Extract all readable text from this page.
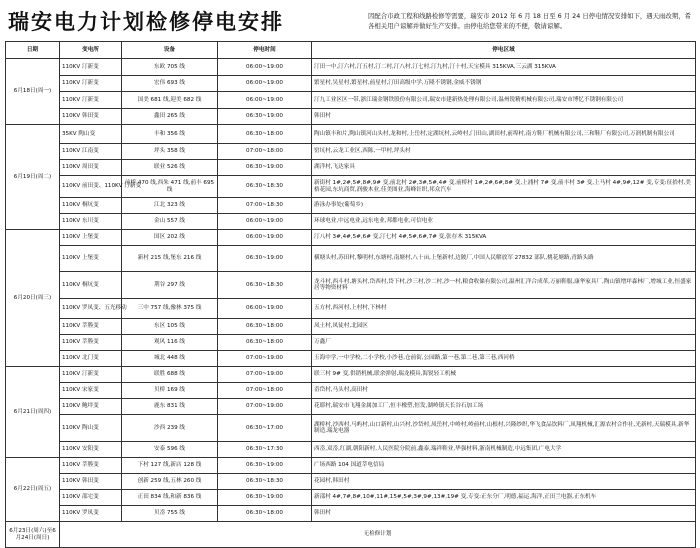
瑞安电力计划检修停电安排	因配合市政工程和线路检修等需要，瑞安市 2012 年 6 月 18 日至 6 月 24 日停电情况安排如下，遇天雨改期，希各相关用户谅解并做好生产安排。由停电给您带来的不便，敬请谅解。
日期	变电所	设备	停电时间	停电区域
6月18日(周一)	110KV 汀新变	东欧 705 线	06:00~19:00	汀田一中,汀六村,汀五村,汀二村,汀八村,汀七村,汀九村,汀十村,天宝模具 315KVA,三云湖 315KVA
	110KV 汀新变	宏伟 693 线	06:00~19:00	繁星村,吴星村,繁星村,前星村,汀田高级中学,万隆不锈钢,金威不锈钢
	110KV 汀新变	国美 681 线,迎美 682 线	06:00~19:00	汀九工业区区一带,浙江瑞金钢铁股份有限公司,瑞安市建新热处理有限公司,温州锐精机械有限公司,瑞安市博忆不锈钢有限公司
	110KV 韩田变	鑫田 265 线	06:30~19:00	韩田村
6月19日(周二)	35KV 陶山变	丰和 356 线	06:30~18:00	陶山镇丰和片,陶山镇河山头村,龙和村,上岳村,定湖坑村,云岭村,门田山,湖田村,前埠村,南方鞋厂机械有限公司,三和鞋厂有限公司,万润机制有限公司
	110KV 江南变	坪头 358 线	07:00~18:00	窑坑村,云龙工业区,西陈,一甲村,坪头村
	110KV 周田变	联业 526 线	06:30~19:00	湖洋村,飞达家具
	110KV 前田变、110KV 汀新变	前桥 470 线,西朱 471 线,前丰 695 线	06:30~18:30	新街村 1#,2#,5#,8#,9# 变,前北村 2#,3#,5#,4# 变,前桥村 1#,2#,6#,8# 变,上浦村 7# 变,前丰村 3# 变,上马村 4#,9#,12# 变,专变:征拾村,美格花园,东坑商贸,润骏木业,佳美图业,海峰针织,邦众汽车
	110KV 桐坑变	江北 323 线	07:00~18:30	游泳办事处(葡萄乡)
	110KV 东川变	金山 557 线	06:00~19:00	环球电业,中远电业,远东电业,邦都电业,可信电业
6月20日(周三)	110KV 上堡变	国区 202 线	06:00~19:00	汀八村 3#,4#,5#,6# 变,汀七村 4#,5#,6#,7# 变,张存木 315KVA
	110KV 上堡变	新村 215 线,堡东 216 线	06:30~19:00	横塘头村,苏田村,黎明村,东塘村,南塘村,八十亩,上堡新村,边陂厂,中国人民解放军 27832 部队,桃花塘路,青路头路
	110KV 桐坑变	荆谷 297 线	06:30~18:30	龙斗村,西斗村,塘头村,岱西村,岱下村,沙三村,沙二村,沙一村,粮食收储有限公司,温州汇洋合成革,万丽鞋服,康华家具厂,陶山镇增垟森林厂,增城工业,恒盛家居等物资材料
	110KV 罗凤变、五光移动	三中 757 线,豫林 375 线	06:00~19:00	五方村,西河村,上村村,下林村
	110KV 莘塍变	东区 105 线	06:30~18:00	凤土村,凤徒村,北园区
	110KV 莘塍变	观风 116 线	06:30~18:00	万鑫厂
	110KV 北门变	城北 448 线	07:00~19:00	玉海中学,一中学校,二小学校,小沙巷,仓前街,公园路,第一巷,第二巷,第三巷,西河桥
6月21日(周四)	110KV 汀新变	联胜 688 线	07:00~19:00	联三村 9# 变,供销机械,联余弹射,瑞龙模具,海锐轻工机械
	110KV 宋家变	贝桥 169 线	07:00~18:00	岙岱村,马头村,高田村
	110KV 鲍垟变	鹿东 831 线	07:00~19:00	花耶村,瑞安市飞翔金属加工厂,恒丰橡塑,恒发,湖岭镇天长谷石加工场
	110KV 陶山变	沙西 239 线	06:30~17:00	湖桥村,沙西村,马屿村,山口新村,山兴村,沙岱村,凤岳村,中岭村,岭前村,山根村,兴隆纱织,华飞食品饮料厂,凤翔机械,汇源农村合作社,光新村,天瑞模具,新华制造,瑞龙电器
	110KV 安阳变	安泰 596 线	06:30~17:30	西岙,双岙,红湖,朝阳新村,人民医院分院前,鑫泰,瑞祥鞋业,华强材料,浙南机械制造,中远集团,广电大学
6月22日(周五)	110KV 莘塍变	下村 127 线,新店 128 线	06:30~19:00	广场西路 104 国道莘电信局
	110KV 韩田变	创新 259 线,五林 260 线	06:30~18:30	花园村,韩田村
	110KV 邵宅变	正田 834 线,和新 836 线	06:30~19:00	新邵村 4#,7#,8#,10#,11#,15#,5#,3#,9#,13#,19# 变,专变:正东分厂,明德,福运,海洋,正田兰电器,正东机车
	110KV 罗凤变	贝岙 755 线	06:30~18:00	韩田村
6月23日(周六)至6月24日(周日)	无检修计划			
